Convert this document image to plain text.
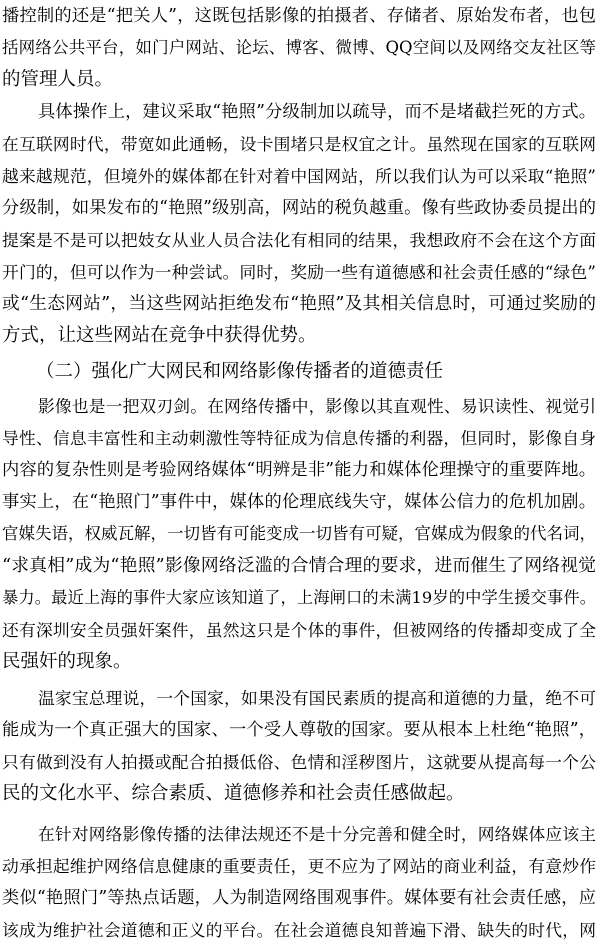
播控制的还是“把关人”，这既包括影像的拍摄者、存储者、原始发布者，也包
括网络公共平台，如门户网站、论坛、博客、微博、QQ空间以及网络交友社区等
的管理人员。
具体操作上，建议采取“艳照”分级制加以疏导，而不是堵截拦死的方式。
在互联网时代，带宽如此通畅，设卡围堵只是权宜之计。虽然现在国家的互联网
越来越规范，但境外的媒体都在针对着中国网站，所以我们认为可以采取“艳照”
分级制，如果发布的“艳照”级别高，网站的税负越重。像有些政协委员提出的
提案是不是可以把妓女从业人员合法化有相同的结果，我想政府不会在这个方面
开门的，但可以作为一种尝试。同时，奖励一些有道德感和社会责任感的“绿色”
或“生态网站”，当这些网站拒绝发布“艳照”及其相关信息时，可通过奖励的
方式，让这些网站在竞争中获得优势。
（二）强化广大网民和网络影像传播者的道德责任
影像也是一把双刃剑。在网络传播中，影像以其直观性、易识读性、视觉引
导性、信息丰富性和主动刺激性等特征成为信息传播的利器，但同时，影像自身
内容的复杂性则是考验网络媒体“明辨是非”能力和媒体伦理操守的重要阵地。
事实上，在“艳照门”事件中，媒体的伦理底线失守，媒体公信力的危机加剧。
官媒失语，权威瓦解，一切皆有可能变成一切皆有可疑，官媒成为假象的代名词，
“求真相”成为“艳照”影像网络泛滥的合情合理的要求，进而催生了网络视觉
暴力。最近上海的事件大家应该知道了，上海闸口的未满19岁的中学生援交事件。
还有深圳安全员强奸案件，虽然这只是个体的事件，但被网络的传播却变成了全
民强奸的现象。
温家宝总理说，一个国家，如果没有国民素质的提高和道德的力量，绝不可
能成为一个真正强大的国家、一个受人尊敬的国家。要从根本上杜绝“艳照”，
只有做到没有人拍摄或配合拍摄低俗、色情和淫秽图片，这就要从提高每一个公
民的文化水平、综合素质、道德修养和社会责任感做起。
在针对网络影像传播的法律法规还不是十分完善和健全时，网络媒体应该主
动承担起维护网络信息健康的重要责任，更不应为了网站的商业利益，有意炒作
类似“艳照门”等热点话题，人为制造网络围观事件。媒体要有社会责任感，应
该成为维护社会道德和正义的平台。在社会道德良知普遍下滑、缺失的时代，网
